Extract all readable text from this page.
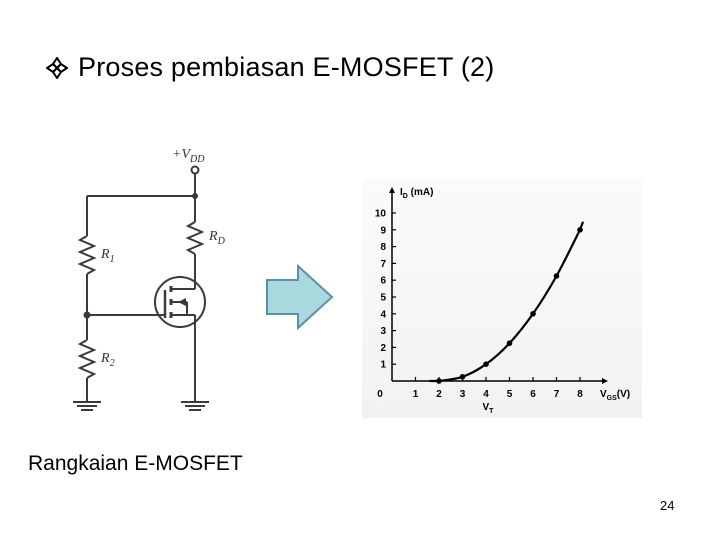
Proses pembiasan E-MOSFET (2)
$+V_{DD}$
$R_1$
$R_D$
$R_2$
0	1 2 3 4 5 6 7 8
1
2
3
4
5
6
7
8
9
10
$I_D$ (mA)
$V_{GS}(V)$
$V_T$
Rangkaian E-MOSFET
24
